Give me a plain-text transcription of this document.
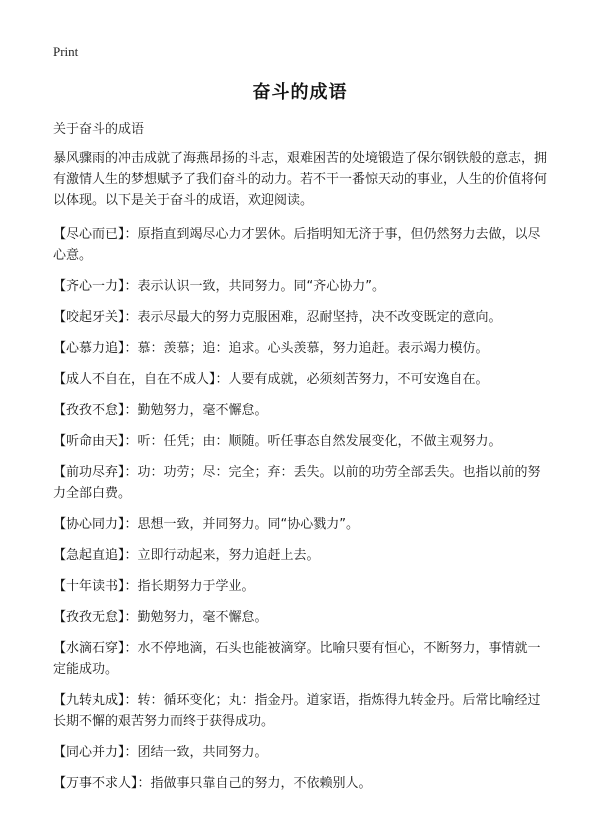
Print
奋斗的成语
关于奋斗的成语

暴风骤雨的冲击成就了海燕昂扬的斗志，艰难困苦的处境锻造了保尔钢铁般的意志，拥有激情人生的梦想赋予了我们奋斗的动力。若不干一番惊天动的事业，人生的价值将何以体现。以下是关于奋斗的成语，欢迎阅读。

【尽心而已】：原指直到竭尽心力才罢休。后指明知无济于事，但仍然努力去做，以尽心意。

【齐心一力】：表示认识一致，共同努力。同“齐心协力”。

【咬起牙关】：表示尽最大的努力克服困难，忍耐坚持，决不改变既定的意向。

【心慕力追】：慕：羡慕；追：追求。心头羡慕，努力追赶。表示竭力模仿。

【成人不自在，自在不成人】：人要有成就，必须刻苦努力，不可安逸自在。

【孜孜不怠】：勤勉努力，毫不懈怠。

【听命由天】：听：任凭；由：顺随。听任事态自然发展变化，不做主观努力。

【前功尽弃】：功：功劳；尽：完全；弃：丢失。以前的功劳全部丢失。也指以前的努力全部白费。

【协心同力】：思想一致，并同努力。同“协心戮力”。

【急起直追】：立即行动起来，努力追赶上去。

【十年读书】：指长期努力于学业。

【孜孜无怠】：勤勉努力，毫不懈怠。

【水滴石穿】：水不停地滴，石头也能被滴穿。比喻只要有恒心，不断努力，事情就一定能成功。

【九转丸成】：转：循环变化；丸：指金丹。道家语，指炼得九转金丹。后常比喻经过长期不懈的艰苦努力而终于获得成功。

【同心并力】：团结一致，共同努力。

【万事不求人】：指做事只靠自己的努力，不依赖别人。
